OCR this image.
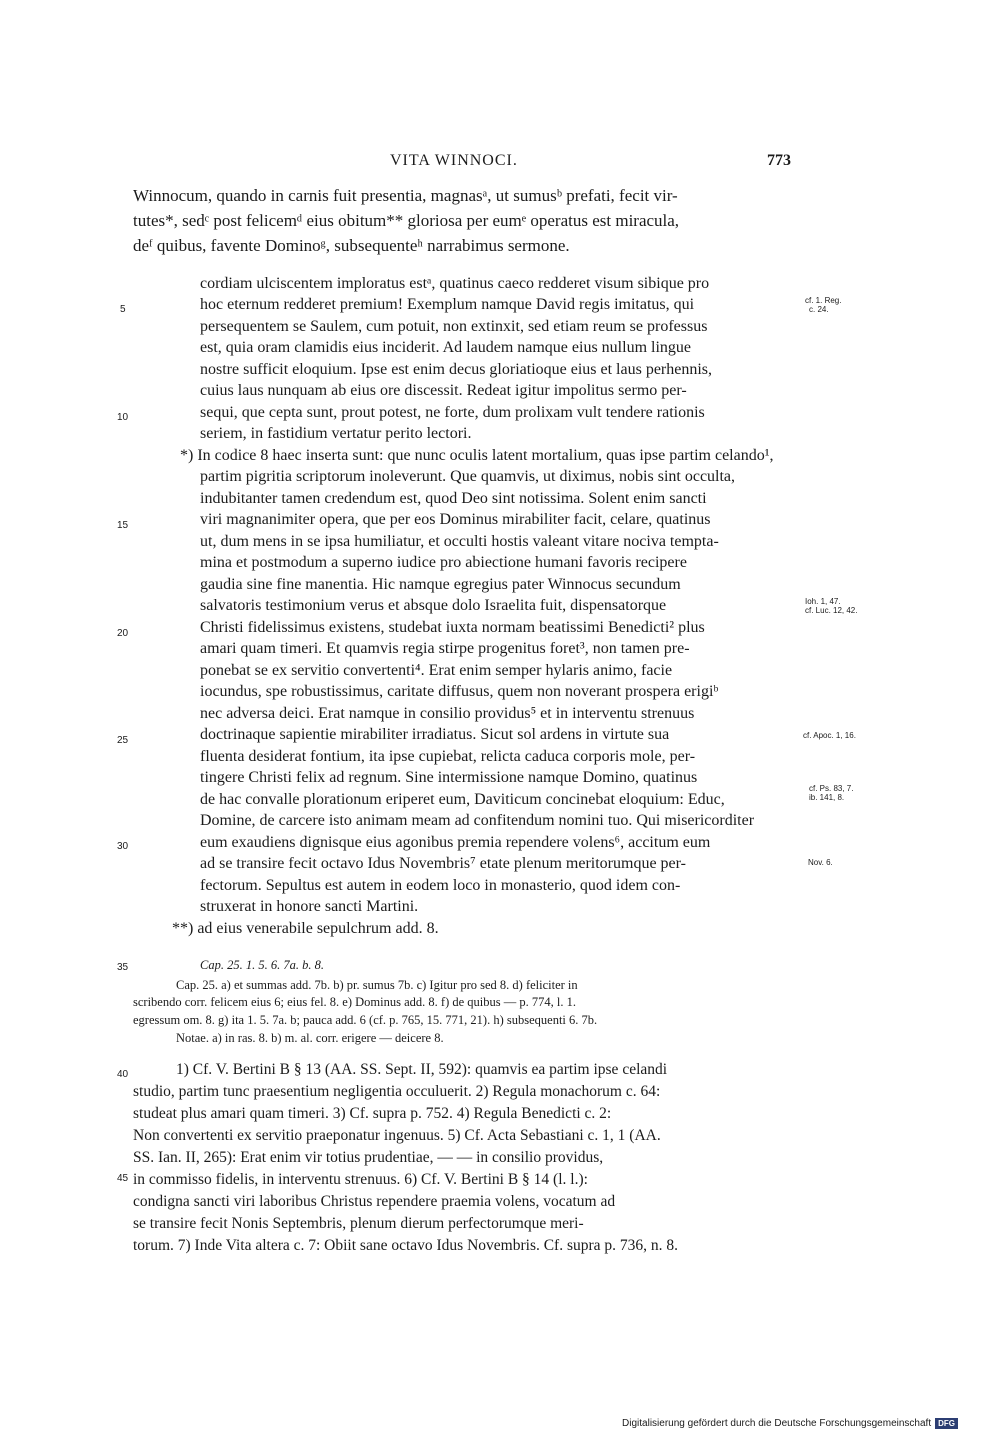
VITA WINNOCI.	773
Winnocum, quando in carnis fuit presentia, magnasᵃ, ut sumusᵇ prefati, fecit vir-
tutes*, sedᶜ post felicemᵈ eius obitum** gloriosa per eumᵉ operatus est miracula,
deᶠ quibus, favente Dominoᵍ, subsequenteʰ narrabimus sermone.
cordiam ulciscentem imploratus estᵃ, quatinus caeco redderet visum sibique pro
hoc eternum redderet premium! Exemplum namque David regis imitatus, qui
persequentem se Saulem, cum potuit, non extinxit, sed etiam reum se professus
est, quia oram clamidis eius inciderit. Ad laudem namque eius nullum lingue
nostre sufficit eloquium. Ipse est enim decus gloriatioque eius et laus perhennis,
cuius laus nunquam ab eius ore discessit. Redeat igitur impolitus sermo per-
sequi, que cepta sunt, prout potest, ne forte, dum prolixam vult tendere rationis
seriem, in fastidium vertatur perito lectori.
*) In codice 8 haec inserta sunt: que nunc oculis latent mortalium, quas ipse partim celando¹,
partim pigritia scriptorum inoleverunt. Que quamvis, ut diximus, nobis sint occulta,
indubitanter tamen credendum est, quod Deo sint notissima. Solent enim sancti
viri magnanimiter opera, que per eos Dominus mirabiliter facit, celare, quatinus
ut, dum mens in se ipsa humiliatur, et occulti hostis valeant vitare nociva tempta-
mina et postmodum a superno iudice pro abiectione humani favoris recipere
gaudia sine fine manentia. Hic namque egregius pater Winnocus secundum
salvatoris testimonium verus et absque dolo Israelita fuit, dispensatorque
Christi fidelissimus existens, studebat iuxta normam beatissimi Benedicti² plus
amari quam timeri. Et quamvis regia stirpe progenitus foret³, non tamen pre-
ponebat se ex servitio convertenti⁴. Erat enim semper hylaris animo, facie
iocundus, spe robustissimus, caritate diffusus, quem non noverant prospera erigiᵇ
nec adversa deici. Erat namque in consilio providus⁵ et in interventu strenuus
doctrinaque sapientie mirabiliter irradiatus. Sicut sol ardens in virtute sua
fluenta desiderat fontium, ita ipse cupiebat, relicta caduca corporis mole, per-
tingere Christi felix ad regnum. Sine intermissione namque Domino, quatinus
de hac convalle plorationum eriperet eum, Daviticum concinebat eloquium: Educ,
Domine, de carcere isto animam meam ad confitendum nomini tuo. Qui misericorditer
eum exaudiens dignisque eius agonibus premia rependere volens⁶, accitum eum
ad se transire fecit octavo Idus Novembris⁷ etate plenum meritorumque per-
fectorum. Sepultus est autem in eodem loco in monasterio, quod idem con-
struxerat in honore sancti Martini.
**) ad eius venerabile sepulchrum add. 8.
5
10
15
20
25
30
35
40
45
cf. 1. Reg.
c. 24.
Ioh. 1, 47.
cf. Luc. 12, 42.
cf. Apoc. 1, 16.
cf. Ps. 83, 7.
ib. 141, 8.
Nov. 6.
Cap. 25. 1. 5. 6. 7a. b. 8.
Cap. 25. a) et summas add. 7b. b) pr. sumus 7b. c) Igitur pro sed 8. d) feliciter in
scribendo corr. felicem eius 6; eius fel. 8. e) Dominus add. 8. f) de quibus — p. 774, l. 1.
egressum om. 8. g) ita 1. 5. 7a. b; pauca add. 6 (cf. p. 765, 15. 771, 21). h) subsequenti 6. 7b.
Notae. a) in ras. 8. b) m. al. corr. erigere — deicere 8.
1) Cf. V. Bertini B § 13 (AA. SS. Sept. II, 592): quamvis ea partim ipse celandi
studio, partim tunc praesentium negligentia occuluerit. 2) Regula monachorum c. 64:
studeat plus amari quam timeri. 3) Cf. supra p. 752. 4) Regula Benedicti c. 2:
Non convertenti ex servitio praeponatur ingenuus. 5) Cf. Acta Sebastiani c. 1, 1 (AA.
SS. Ian. II, 265): Erat enim vir totius prudentiae, — — in consilio providus,
in commisso fidelis, in interventu strenuus. 6) Cf. V. Bertini B § 14 (l. l.):
condigna sancti viri laboribus Christus rependere praemia volens, vocatum ad
se transire fecit Nonis Septembris, plenum dierum perfectorumque meri-
torum. 7) Inde Vita altera c. 7: Obiit sane octavo Idus Novembris. Cf. supra p. 736, n. 8.
Digitalisierung gefördert durch die Deutsche Forschungsgemeinschaft DFG
